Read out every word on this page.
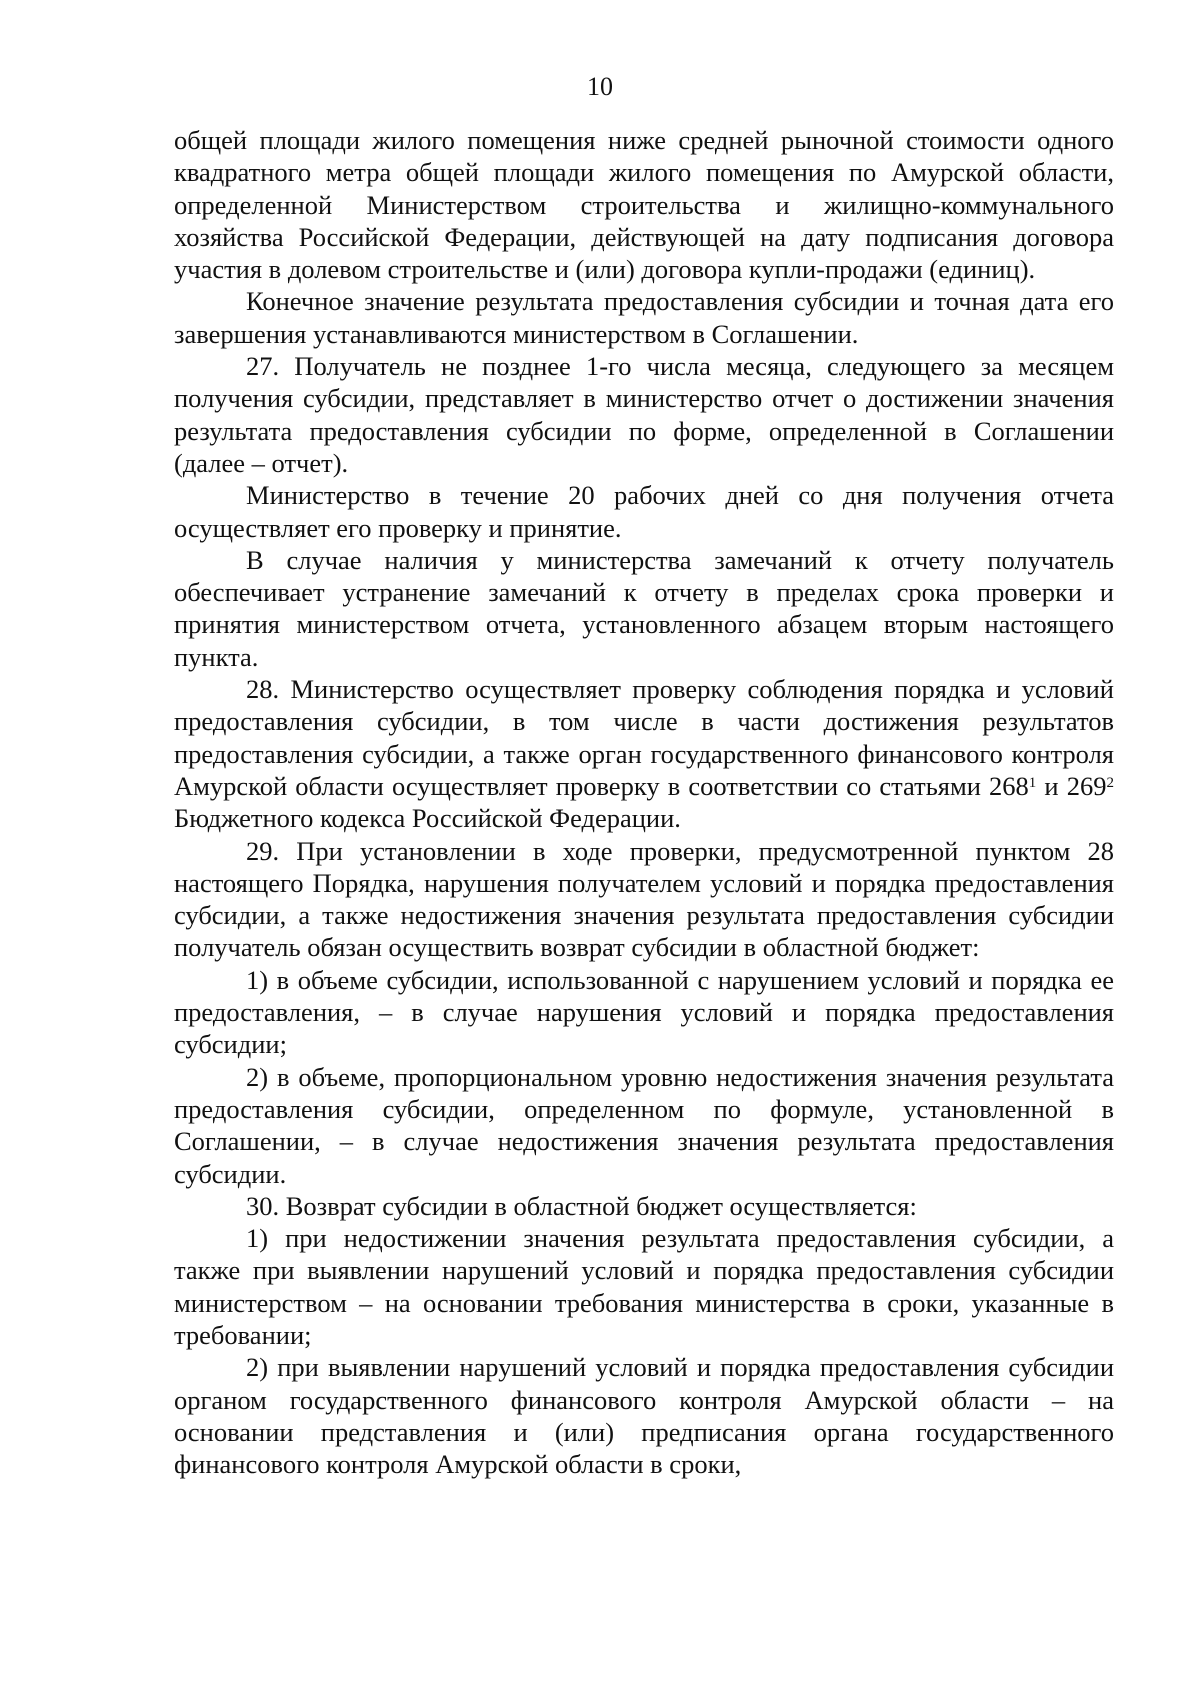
10

общей площади жилого помещения ниже средней рыночной стоимости одного квадратного метра общей площади жилого помещения по Амурской области, определенной Министерством строительства и жилищно-коммунального хозяйства Российской Федерации, действующей на дату подписания договора участия в долевом строительстве и (или) договора купли-продажи (единиц).

Конечное значение результата предоставления субсидии и точная дата его завершения устанавливаются министерством в Соглашении.

27. Получатель не позднее 1-го числа месяца, следующего за месяцем получения субсидии, представляет в министерство отчет о достижении значения результата предоставления субсидии по форме, определенной в Соглашении (далее – отчет).

Министерство в течение 20 рабочих дней со дня получения отчета осуществляет его проверку и принятие.

В случае наличия у министерства замечаний к отчету получатель обеспечивает устранение замечаний к отчету в пределах срока проверки и принятия министерством отчета, установленного абзацем вторым настоящего пункта.

28. Министерство осуществляет проверку соблюдения порядка и условий предоставления субсидии, в том числе в части достижения результатов предоставления субсидии, а также орган государственного финансового контроля Амурской области осуществляет проверку в соответствии со статьями $268^1$ и $269^2$ Бюджетного кодекса Российской Федерации.

29. При установлении в ходе проверки, предусмотренной пунктом 28 настоящего Порядка, нарушения получателем условий и порядка предоставления субсидии, а также недостижения значения результата предоставления субсидии получатель обязан осуществить возврат субсидии в областной бюджет:

1) в объеме субсидии, использованной с нарушением условий и порядка ее предоставления, – в случае нарушения условий и порядка предоставления субсидии;

2) в объеме, пропорциональном уровню недостижения значения результата предоставления субсидии, определенном по формуле, установленной в Соглашении, – в случае недостижения значения результата предоставления субсидии.

30. Возврат субсидии в областной бюджет осуществляется:

1) при недостижении значения результата предоставления субсидии, а также при выявлении нарушений условий и порядка предоставления субсидии министерством – на основании требования министерства в сроки, указанные в требовании;

2) при выявлении нарушений условий и порядка предоставления субсидии органом государственного финансового контроля Амурской области – на основании представления и (или) предписания органа государственного финансового контроля Амурской области в сроки,
